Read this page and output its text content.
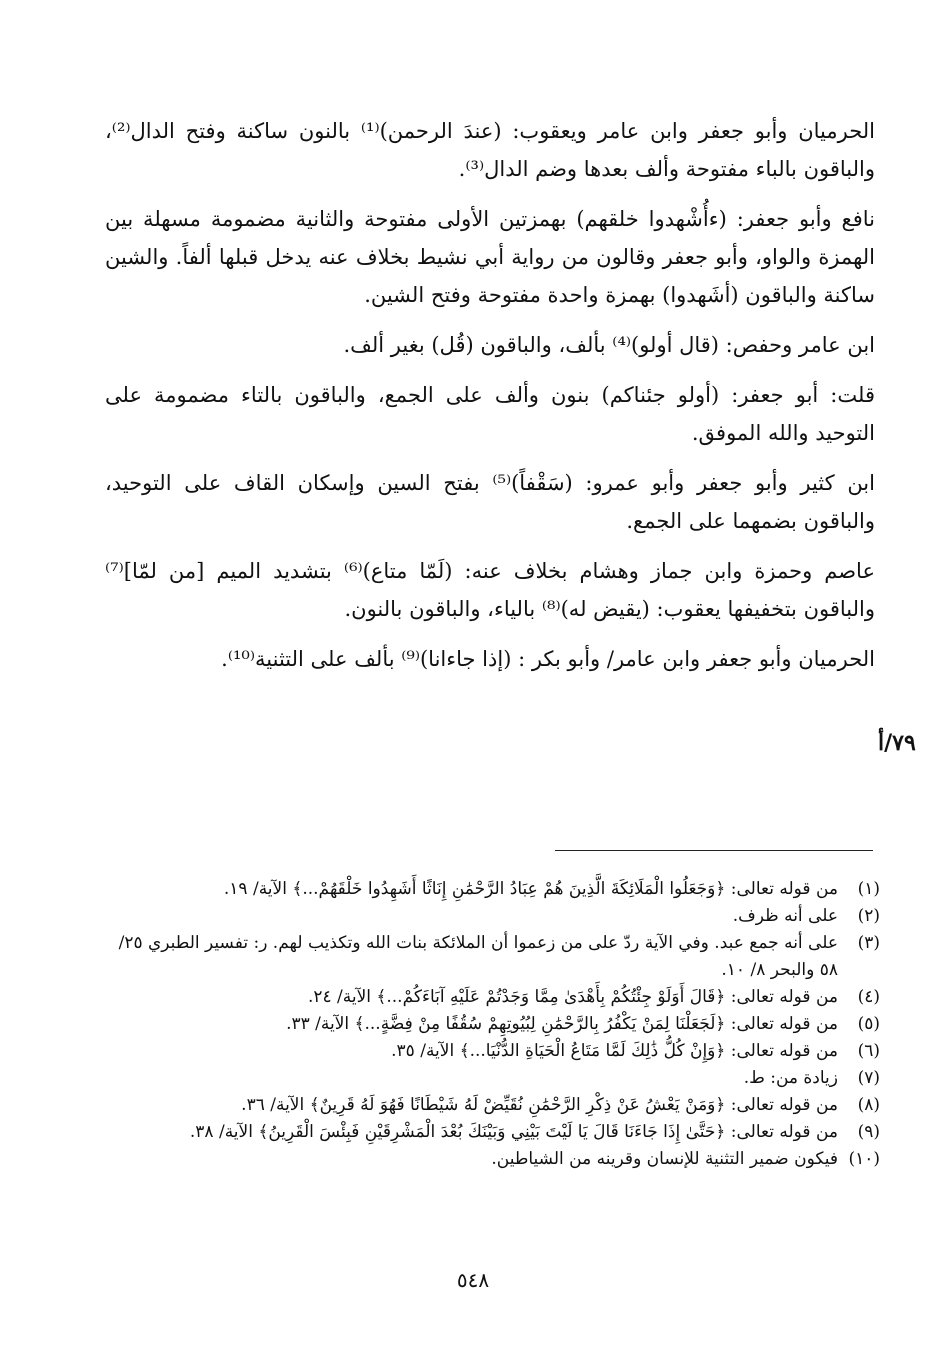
الحرميان وأبو جعفر وابن عامر ويعقوب: (عندَ الرحمن)⁽¹⁾ بالنون ساكنة وفتح الدال⁽²⁾، والباقون بالباء مفتوحة وألف بعدها وضم الدال⁽³⁾.

نافع وأبو جعفر: (ءأُشْهدوا خلقهم) بهمزتين الأولى مفتوحة والثانية مضمومة مسهلة بين الهمزة والواو، وأبو جعفر وقالون من رواية أبي نشيط بخلاف عنه يدخل قبلها ألفاً. والشين ساكنة والباقون (أشَهدوا) بهمزة واحدة مفتوحة وفتح الشين.

ابن عامر وحفص: (قال أولو)⁽⁴⁾ بألف، والباقون (قُل) بغير ألف.

قلت: أبو جعفر: (أولو جئناكم) بنون وألف على الجمع، والباقون بالتاء مضمومة على التوحيد والله الموفق.

ابن كثير وأبو جعفر وأبو عمرو: (سَقْفاً)⁽⁵⁾ بفتح السين وإسكان القاف على التوحيد، والباقون بضمهما على الجمع.

عاصم وحمزة وابن جماز وهشام بخلاف عنه: (لَمّا متاع)⁽⁶⁾ بتشديد الميم [من لمّا]⁽⁷⁾ والباقون بتخفيفها يعقوب: (يقيض له)⁽⁸⁾ بالياء، والباقون بالنون.

الحرميان وأبو جعفر وابن عامر/ وأبو بكر : (إذا جاءانا)⁽⁹⁾ بألف على التثنية⁽¹⁰⁾.

٧٩/أ
(١)
من قوله تعالى: ﴿وَجَعَلُوا الْمَلَائِكَةَ الَّذِينَ هُمْ عِبَادُ الرَّحْمَٰنِ إِنَاثًا أَشَهِدُوا خَلْقَهُمْ...﴾ الآية/ ١٩.
(٢)
على أنه ظرف.
(٣)
على أنه جمع عبد. وفي الآية ردّ على من زعموا أن الملائكة بنات الله وتكذيب لهم. ر: تفسير الطبري ٢٥/ ٥٨ والبحر ٨/ ١٠.
(٤)
من قوله تعالى: ﴿قَالَ أَوَلَوْ جِئْتُكُمْ بِأَهْدَىٰ مِمَّا وَجَدْتُمْ عَلَيْهِ آبَاءَكُمْ...﴾ الآية/ ٢٤.
(٥)
من قوله تعالى: ﴿لَجَعَلْنَا لِمَنْ يَكْفُرُ بِالرَّحْمَٰنِ لِبُيُوتِهِمْ سُقُفًا مِنْ فِضَّةٍ...﴾ الآية/ ٣٣.
(٦)
من قوله تعالى: ﴿وَإِنْ كُلُّ ذَٰلِكَ لَمَّا مَتَاعُ الْحَيَاةِ الدُّنْيَا...﴾ الآية/ ٣٥.
(٧)
زيادة من: ط.
(٨)
من قوله تعالى: ﴿وَمَنْ يَعْشُ عَنْ ذِكْرِ الرَّحْمَٰنِ نُقَيِّضْ لَهُ شَيْطَانًا فَهُوَ لَهُ قَرِينٌ﴾ الآية/ ٣٦.
(٩)
من قوله تعالى: ﴿حَتَّىٰ إِذَا جَاءَنَا قَالَ يَا لَيْتَ بَيْنِي وَبَيْنَكَ بُعْدَ الْمَشْرِقَيْنِ فَبِئْسَ الْقَرِينُ﴾ الآية/ ٣٨.
(١٠)
فيكون ضمير التثنية للإنسان وقرينه من الشياطين.
٥٤٨
